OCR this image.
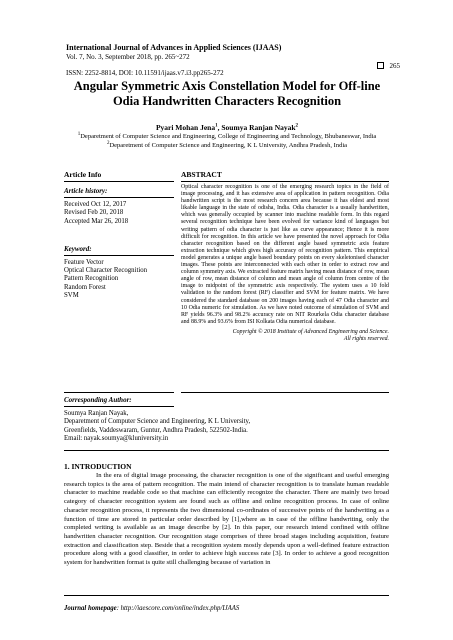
International Journal of Advances in Applied Sciences (IJAAS)
Vol. 7, No. 3, September 2018, pp. 265~272
ISSN: 2252-8814, DOI: 10.11591/ijaas.v7.i3.pp265-272
265
Angular Symmetric Axis Constellation Model for Off-line Odia Handwritten Characters Recognition
Pyari Mohan Jena$^1$, Soumya Ranjan Nayak$^2$
$^1$Deparetment of Computer Science and Engineering, College of Engineering and Technology, Bhubaneswar, India
$^2$Deparetment of Computer Science and Engineering, K L University, Andhra Pradesh, India
Article Info
Article history:
Received Oct 12, 2017
Revised Feb 20, 2018
Accepted Mar 26, 2018
Keyword:
Feature Vector
Optical Character Recognition
Pattern Recognition
Random Forest
SVM
ABSTRACT
Optical character recognition is one of the emerging research topics in the field of image processing, and it has extensive area of application in pattern recognition. Odia handwritten script is the most research concern area because it has eldest and most likable language in the state of odisha, India. Odia character is a usually handwritten, which was generally occupied by scanner into machine readable form. In this regard several recognition technique have been evolved for variance kind of languages but writing pattern of odia character is just like as curve appearance; Hence it is more difficult for recognition. In this article we have presented the novel approach for Odia character recognition based on the different angle based symmetric axis feature extraction technique which gives high accuracy of recognition pattern. This empirical model generates a unique angle based boundary points on every skeletonised character images. These points are interconnected with each other in order to extract row and column symmetry axis. We extracted feature matrix having mean distance of row, mean angle of row, mean distance of column and mean angle of column from centre of the image to midpoint of the symmetric axis respectively. The system uses a 10 fold validation to the random forest (RF) classifier and SVM for feature matrix. We have considered the standard database on 200 images having each of 47 Odia character and 10 Odia numeric for simulation. As we have noted outcome of simulation of SVM and RF yields 96.3% and 98.2% accuracy rate on NIT Rourkela Odia character database and 88.9% and 93.6% from ISI Kolkata Odia numerical database.
Copyright © 2018 Institute of Advanced Engineering and Science.
All rights reserved.
Corresponding Author:
Soumya Ranjan Nayak,
Deparetment of Computer Science and Engineering, K L University,
Greenfields, Vaddeswaram, Guntur, Andhra Pradesh, 522502-India.
Email: nayak.soumya@kluniversity.in
1. INTRODUCTION
In the era of digital image processing, the character recognition is one of the significant and useful emerging research topics is the area of pattern recognition. The main intend of character recognition is to translate human readable character to machine readable code so that machine can efficiently recognize the character. There are mainly two broad category of character recognition system are found such as offline and online recognition process. In case of online character recognition process, it represents the two dimensional co-ordinates of successive points of the handwriting as a function of time are stored in particular order described by [1],where as in case of the offline handwriting, only the completed writing is available as an image describe by [2]. In this paper, our research intend confined with offline handwritten character recognition. Our recognition stage comprises of three broad stages including acquisition, feature extraction and classification step. Beside that a recognition system mostly depends upon a well-defined feature extraction procedure along with a good classifier, in order to achieve high success rate [3]. In order to achieve a good recognition system for handwritten format is quite still challenging because of variation in
Journal homepage: http://iaescore.com/online/index.php/IJAAS
